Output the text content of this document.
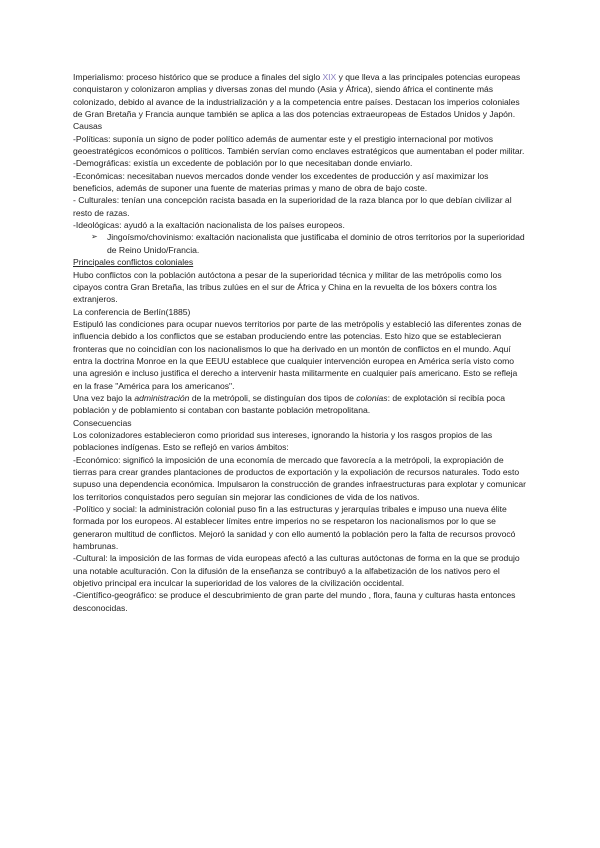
Imperialismo: proceso histórico que se produce a finales del siglo XIX y que lleva a las principales potencias europeas conquistaron y colonizaron amplias y diversas zonas del mundo (Asia y África), siendo áfrica el continente más colonizado, debido al avance de la industrialización y a la competencia entre países. Destacan los imperios coloniales de Gran Bretaña y Francia aunque también se aplica a las dos potencias extraeuropeas de Estados Unidos y Japón.

Causas

-Políticas: suponía un signo de poder político además de aumentar este y el prestigio internacional por motivos geoestratégicos económicos o políticos. También servían como enclaves estratégicos que aumentaban el poder militar.

-Demográficas: existía un excedente de población por lo que necesitaban donde enviarlo.

-Económicas: necesitaban nuevos mercados donde vender los excedentes de producción y así maximizar los beneficios, además de suponer una fuente de materias primas y mano de obra de bajo coste.

- Culturales: tenían una concepción racista basada en la superioridad de la raza blanca por lo que debían civilizar al resto de razas.

-Ideológicas: ayudó a la exaltación nacionalista de los países europeos.

➢	Jingoísmo/chovinismo: exaltación nacionalista que justificaba el dominio de otros territorios por la superioridad de Reino Unido/Francia.

Principales conflictos coloniales

Hubo conflictos con la población autóctona a pesar de la superioridad técnica y militar de las metrópolis como los cipayos contra Gran Bretaña, las tribus zulúes en el sur de África y China en la revuelta de los bóxers contra los extranjeros.

La conferencia de Berlín(1885)

Estipuló las condiciones para ocupar nuevos territorios por parte de las metrópolis y estableció las diferentes zonas de influencia debido a los conflictos que se estaban produciendo entre las potencias. Esto hizo que se establecieran fronteras que no coincidían con los nacionalismos lo que ha derivado en un montón de conflictos en el mundo. Aquí entra la doctrina Monroe en la que EEUU establece que cualquier intervención europea en América sería visto como una agresión e incluso justifica el derecho a intervenir hasta militarmente en cualquier país americano. Esto se refleja en la frase "América para los americanos".

Una vez bajo la administración de la metrópoli, se distinguían dos tipos de colonias: de explotación si recibía poca población y de poblamiento si contaban con bastante población metropolitana.

Consecuencias

Los colonizadores establecieron como prioridad sus intereses, ignorando la historia y los rasgos propios de las poblaciones indígenas. Esto se reflejó en varios ámbitos:

-Económico: significó la imposición de una economía de mercado que favorecía a la metrópoli, la expropiación de tierras para crear grandes plantaciones de productos de exportación y la expoliación de recursos naturales. Todo esto supuso una dependencia económica. Impulsaron la construcción de grandes infraestructuras para explotar y comunicar los territorios conquistados pero seguían sin mejorar las condiciones de vida de los nativos.

-Político y social: la administración colonial puso fin a las estructuras y jerarquías tribales e impuso una nueva élite formada por los europeos. Al establecer límites entre imperios no se respetaron los nacionalismos por lo que se generaron multitud de conflictos. Mejoró la sanidad y con ello aumentó la población pero la falta de recursos provocó hambrunas.

-Cultural: la imposición de las formas de vida europeas afectó a las culturas autóctonas de forma en la que se produjo una notable aculturación. Con la difusión de la enseñanza se contribuyó a la alfabetización de los nativos pero el objetivo principal era inculcar la superioridad de los valores de la civilización occidental.

-Científico-geográfico: se produce el descubrimiento de gran parte del mundo , flora, fauna y culturas hasta entonces desconocidas.
